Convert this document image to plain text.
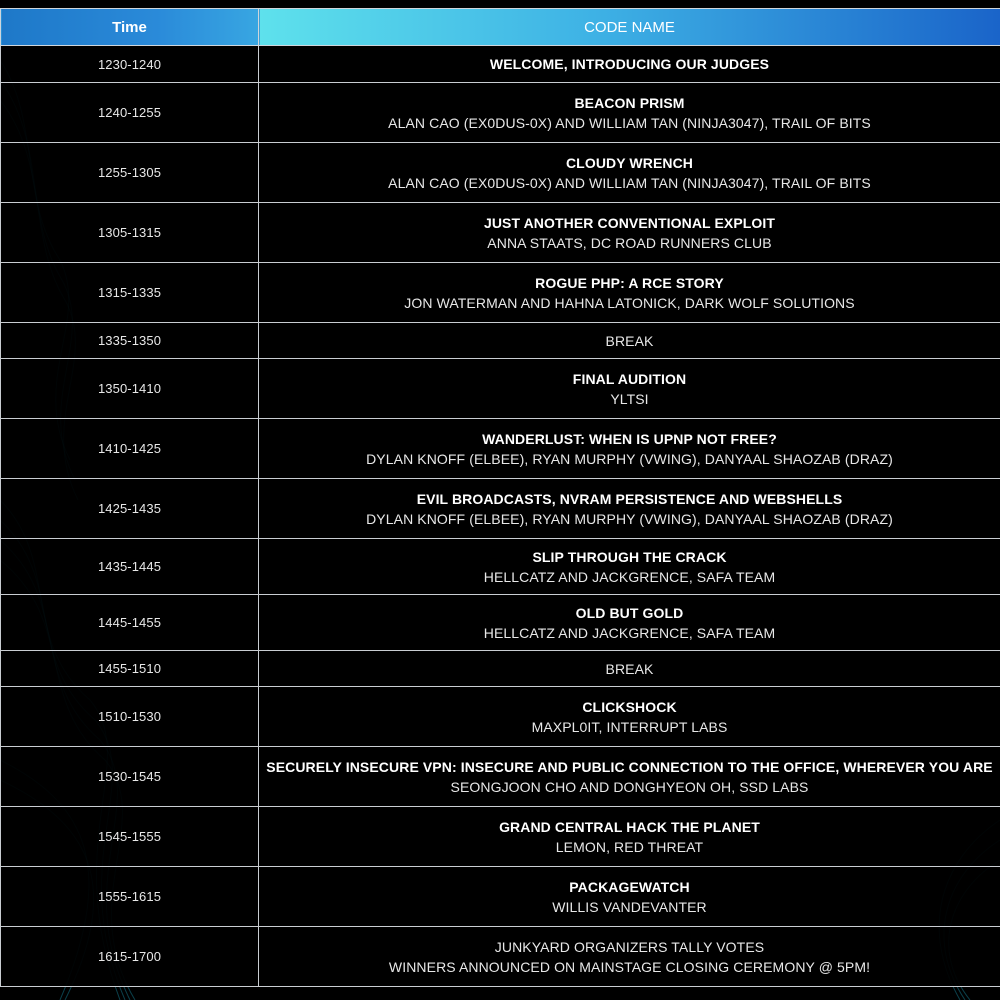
Time	CODE NAME
1230-1240	WELCOME, INTRODUCING OUR JUDGES

1240-1255	BEACON PRISM
ALAN CAO (EX0DUS-0X) AND WILLIAM TAN (NINJA3047), TRAIL OF BITS

1255-1305	CLOUDY WRENCH
ALAN CAO (EX0DUS-0X) AND WILLIAM TAN (NINJA3047), TRAIL OF BITS

1305-1315	JUST ANOTHER CONVENTIONAL EXPLOIT
ANNA STAATS, DC ROAD RUNNERS CLUB

1315-1335	ROGUE PHP: A RCE STORY
JON WATERMAN AND HAHNA LATONICK, DARK WOLF SOLUTIONS

1335-1350	BREAK

1350-1410	FINAL AUDITION
YLTSI

1410-1425	WANDERLUST: WHEN IS UPNP NOT FREE?
DYLAN KNOFF (ELBEE), RYAN MURPHY (VWING), DANYAAL SHAOZAB (DRAZ)

1425-1435	EVIL BROADCASTS, NVRAM PERSISTENCE AND WEBSHELLS
DYLAN KNOFF (ELBEE), RYAN MURPHY (VWING), DANYAAL SHAOZAB (DRAZ)

1435-1445	SLIP THROUGH THE CRACK
HELLCATZ AND JACKGRENCE, SAFA TEAM

1445-1455	OLD BUT GOLD
HELLCATZ AND JACKGRENCE, SAFA TEAM

1455-1510	BREAK

1510-1530	CLICKSHOCK
MAXPL0IT, INTERRUPT LABS

1530-1545	SECURELY INSECURE VPN: INSECURE AND PUBLIC CONNECTION TO THE OFFICE, WHEREVER YOU ARE
SEONGJOON CHO AND DONGHYEON OH, SSD LABS

1545-1555	GRAND CENTRAL HACK THE PLANET
LEMON, RED THREAT

1555-1615	PACKAGEWATCH
WILLIS VANDEVANTER

1615-1700	JUNKYARD ORGANIZERS TALLY VOTES
WINNERS ANNOUNCED ON MAINSTAGE CLOSING CEREMONY @ 5PM!
